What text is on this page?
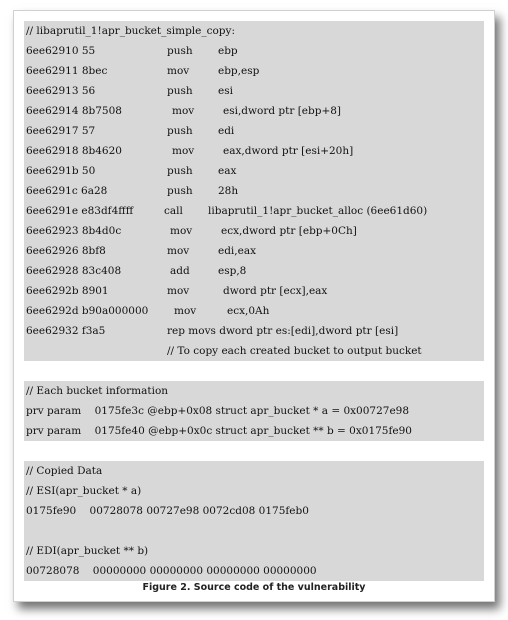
// libaprutil_1!apr_bucket_simple_copy:
6ee62910 55	push ebp
6ee62911 8bec	mov	ebp,esp
6ee62913 56	push esi
6ee62914 8b7508	mov	esi,dword ptr [ebp+8]
6ee62917 57	push edi
6ee62918 8b4620	mov	eax,dword ptr [esi+20h]
6ee6291b 50	push eax
6ee6291c 6a28	push 28h
6ee6291e e83df4ffff	call libaprutil_1!apr_bucket_alloc (6ee61d60)
6ee62923 8b4d0c	mov	ecx,dword ptr [ebp+0Ch]
6ee62926 8bf8	mov	edi,eax
6ee62928 83c408	add	esp,8
6ee6292b 8901	mov	dword ptr [ecx],eax
6ee6292d b90a000000 mov	ecx,0Ah
6ee62932 f3a5	rep movs dword ptr es:[edi],dword ptr [esi]
// To copy each created bucket to output bucket
// Each bucket information
prv param    0175fe3c @ebp+0x08 struct apr_bucket * a = 0x00727e98
prv param    0175fe40 @ebp+0x0c struct apr_bucket ** b = 0x0175fe90
// Copied Data
// ESI(apr_bucket * a)
0175fe90    00728078 00727e98 0072cd08 0175feb0
// EDI(apr_bucket ** b)
00728078    00000000 00000000 00000000 00000000
Figure 2. Source code of the vulnerability
